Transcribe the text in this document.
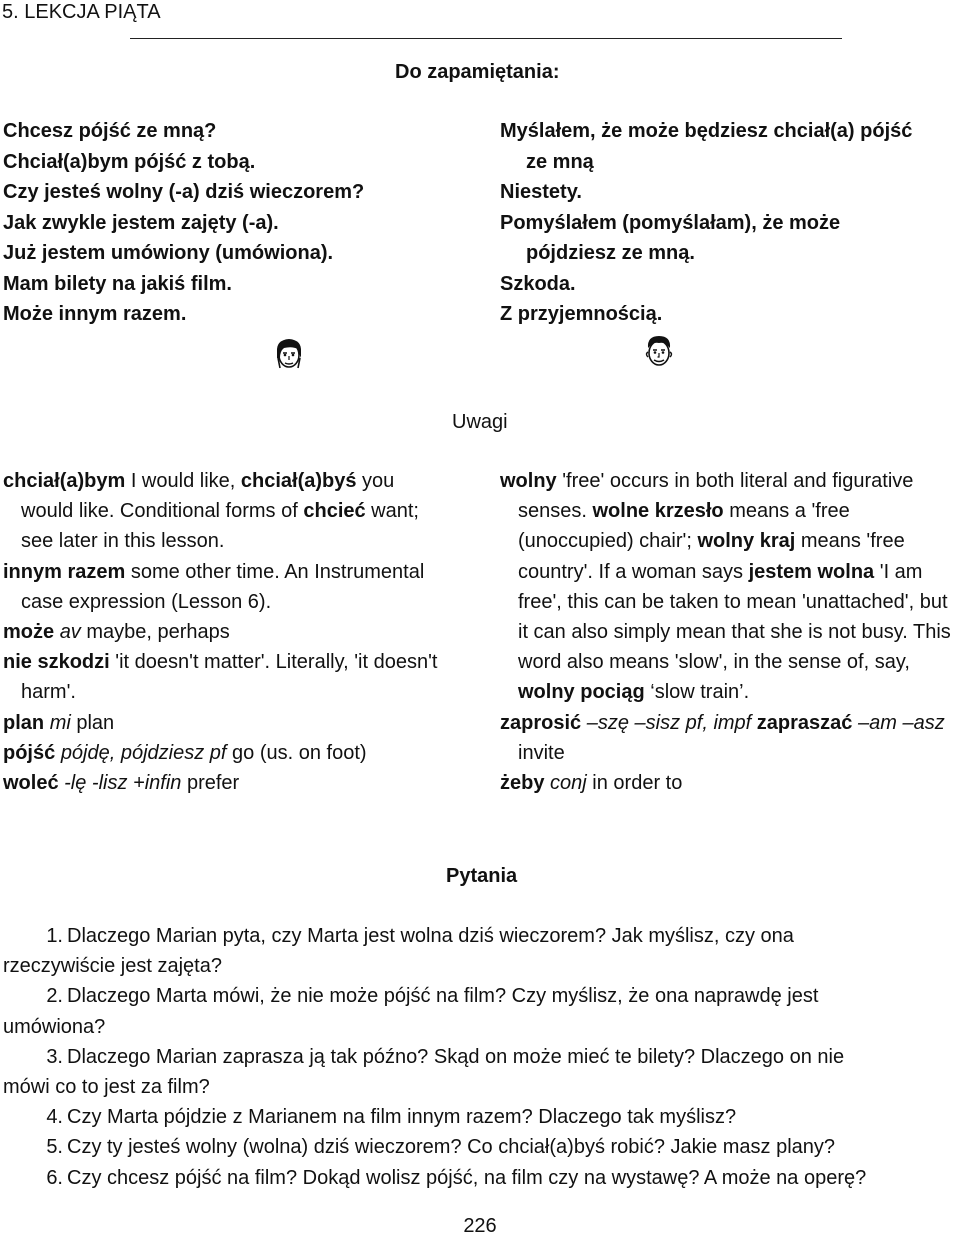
5. LEKCJA PIĄTA
Do zapamiętania:
Chcesz pójść ze mną?
Chciał(a)bym pójść z tobą.
Czy jesteś wolny (-a) dziś wieczorem?
Jak zwykle jestem zajęty (-a).
Już jestem umówiony (umówiona).
Mam bilety na jakiś film.
Może innym razem.
Myślałem, że może będziesz chciał(a) pójść
ze mną
Niestety.
Pomyślałem (pomyślałam), że może
pójdziesz ze mną.
Szkoda.
Z przyjemnością.
Uwagi

chciał(a)bym I would like, chciał(a)byś you would like. Conditional forms of chcieć want; see later in this lesson.

innym razem some other time. An Instrumental case expression (Lesson 6).

może av maybe, perhaps

nie szkodzi 'it doesn't matter'. Literally, 'it doesn't harm'.

plan mi plan

pójść pójdę, pójdziesz pf go (us. on foot)

woleć -lę -lisz +infin prefer

wolny 'free' occurs in both literal and figurative senses. wolne krzesło means a 'free (unoccupied) chair'; wolny kraj means 'free country'. If a woman says jestem wolna 'I am free', this can be taken to mean 'unattached', but it can also simply mean that she is not busy. This word also means 'slow', in the sense of, say, wolny pociąg ‘slow train’.

zaprosić –szę –sisz pf, impf zapraszać –am –asz invite

żeby conj in order to

Pytania

1. Dlaczego Marian pyta, czy Marta jest wolna dziś wieczorem? Jak myślisz, czy ona

rzeczywiście jest zajęta?

2. Dlaczego Marta mówi, że nie może pójść na film? Czy myślisz, że ona naprawdę jest

umówiona?

3. Dlaczego Marian zaprasza ją tak późno? Skąd on może mieć te bilety? Dlaczego on nie

mówi co to jest za film?

4. Czy Marta pójdzie z Marianem na film innym razem? Dlaczego tak myślisz?

5. Czy ty jesteś wolny (wolna) dziś wieczorem? Co chciał(a)byś robić? Jakie masz plany?

6. Czy chcesz pójść na film? Dokąd wolisz pójść, na film czy na wystawę? A może na operę?

226
